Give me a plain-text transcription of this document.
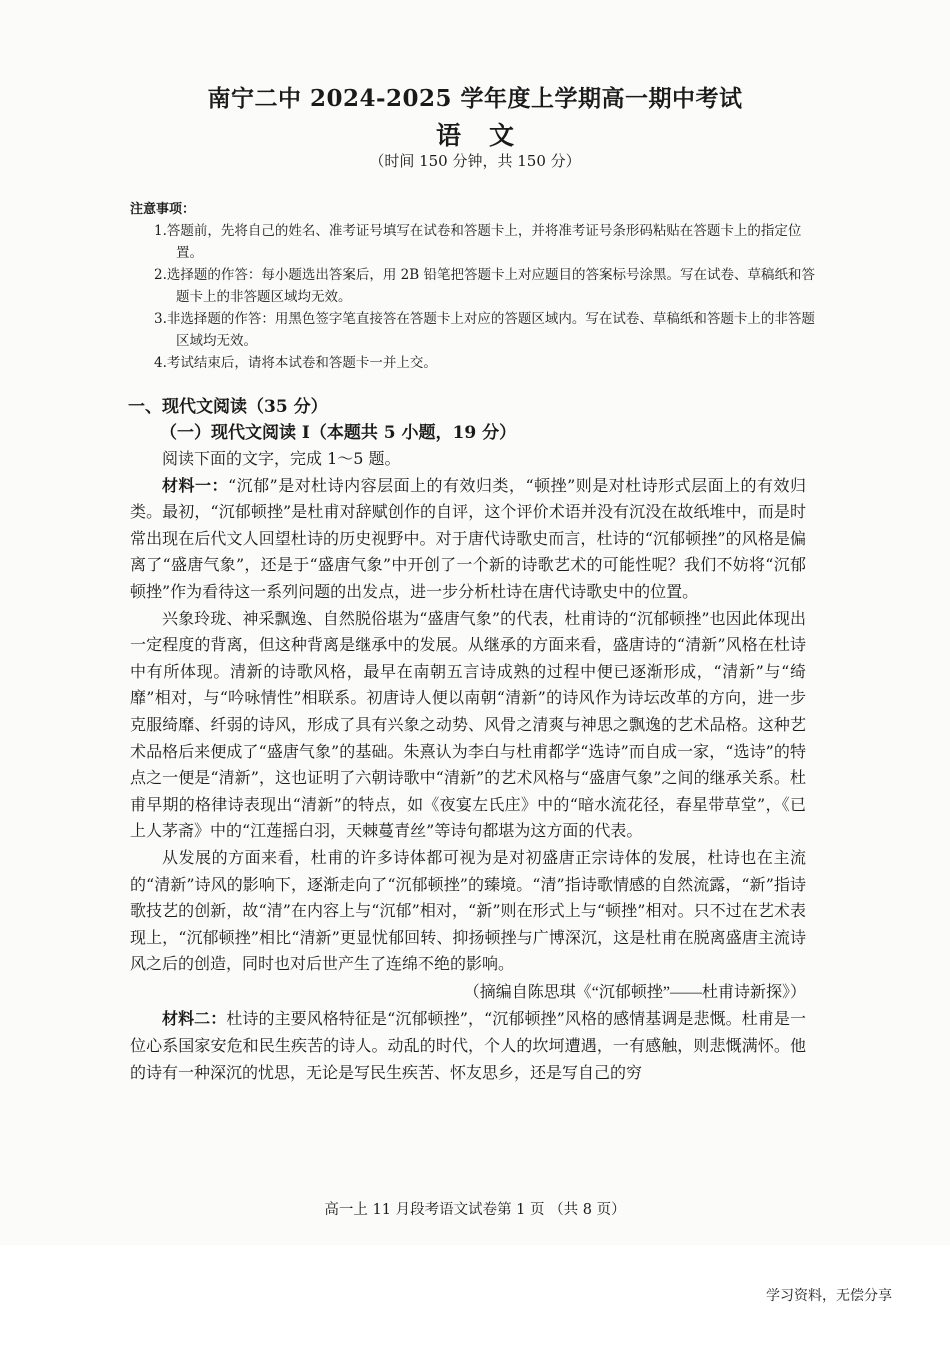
南宁二中 2024-2025 学年度上学期高一期中考试
语文
（时间 150 分钟，共 150 分）
注意事项：
1.答题前，先将自己的姓名、准考证号填写在试卷和答题卡上，并将准考证号条形码粘贴在答题卡上的指定位置。
2.选择题的作答：每小题选出答案后，用 2B 铅笔把答题卡上对应题目的答案标号涂黑。写在试卷、草稿纸和答题卡上的非答题区域均无效。
3.非选择题的作答：用黑色签字笔直接答在答题卡上对应的答题区域内。写在试卷、草稿纸和答题卡上的非答题区域均无效。
4.考试结束后，请将本试卷和答题卡一并上交。
一、现代文阅读（35 分）
（一）现代文阅读 I（本题共 5 小题，19 分）

阅读下面的文字，完成 1～5 题。

材料一：“沉郁”是对杜诗内容层面上的有效归类，“顿挫”则是对杜诗形式层面上的有效归类。最初，“沉郁顿挫”是杜甫对辞赋创作的自评，这个评价术语并没有沉没在故纸堆中，而是时常出现在后代文人回望杜诗的历史视野中。对于唐代诗歌史而言，杜诗的“沉郁顿挫”的风格是偏离了“盛唐气象”，还是于“盛唐气象”中开创了一个新的诗歌艺术的可能性呢？我们不妨将“沉郁顿挫”作为看待这一系列问题的出发点，进一步分析杜诗在唐代诗歌史中的位置。

兴象玲珑、神采飘逸、自然脱俗堪为“盛唐气象”的代表，杜甫诗的“沉郁顿挫”也因此体现出一定程度的背离，但这种背离是继承中的发展。从继承的方面来看，盛唐诗的“清新”风格在杜诗中有所体现。清新的诗歌风格，最早在南朝五言诗成熟的过程中便已逐渐形成，“清新”与“绮靡”相对，与“吟咏情性”相联系。初唐诗人便以南朝“清新”的诗风作为诗坛改革的方向，进一步克服绮靡、纤弱的诗风，形成了具有兴象之动势、风骨之清爽与神思之飘逸的艺术品格。这种艺术品格后来便成了“盛唐气象”的基础。朱熹认为李白与杜甫都学“选诗”而自成一家，“选诗”的特点之一便是“清新”，这也证明了六朝诗歌中“清新”的艺术风格与“盛唐气象”之间的继承关系。杜甫早期的格律诗表现出“清新”的特点，如《夜宴左氏庄》中的“暗水流花径，春星带草堂”，《已上人茅斋》中的“江莲摇白羽，天棘蔓青丝”等诗句都堪为这方面的代表。

从发展的方面来看，杜甫的许多诗体都可视为是对初盛唐正宗诗体的发展，杜诗也在主流的“清新”诗风的影响下，逐渐走向了“沉郁顿挫”的臻境。“清”指诗歌情感的自然流露，“新”指诗歌技艺的创新，故“清”在内容上与“沉郁”相对，“新”则在形式上与“顿挫”相对。只不过在艺术表现上，“沉郁顿挫”相比“清新”更显忧郁回转、抑扬顿挫与广博深沉，这是杜甫在脱离盛唐主流诗风之后的创造，同时也对后世产生了连绵不绝的影响。

（摘编自陈思琪《“沉郁顿挫”——杜甫诗新探》）

材料二：杜诗的主要风格特征是“沉郁顿挫”，“沉郁顿挫”风格的感情基调是悲慨。杜甫是一位心系国家安危和民生疾苦的诗人。动乱的时代，个人的坎坷遭遇，一有感触，则悲慨满怀。他的诗有一种深沉的忧思，无论是写民生疾苦、怀友思乡，还是写自己的穷

高一上 11 月段考语文试卷第 1 页 （共 8 页）
学习资料，无偿分享
